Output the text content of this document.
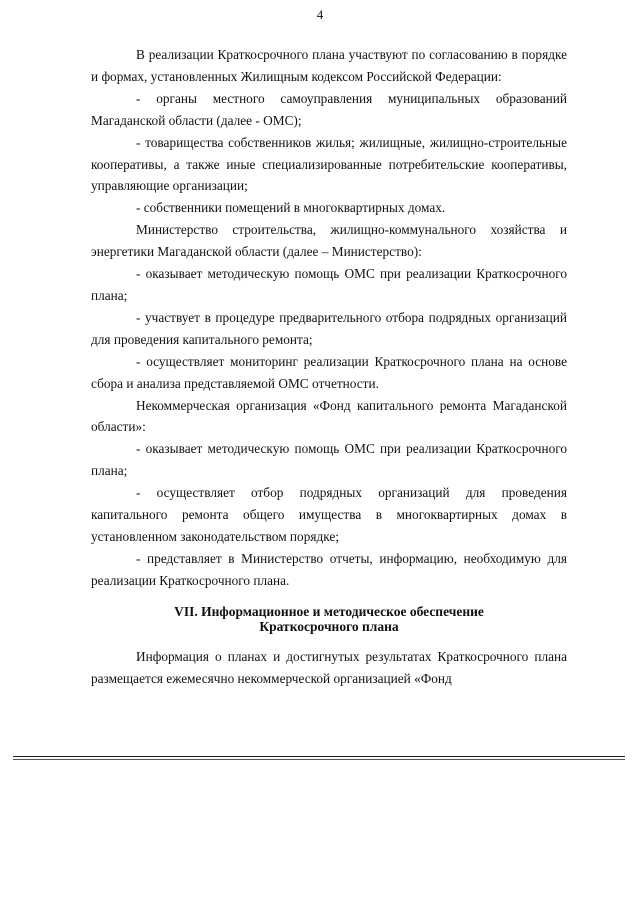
4

В реализации Краткосрочного плана участвуют по согласованию в порядке и формах, установленных Жилищным кодексом Российской Федерации:

- органы местного самоуправления муниципальных образований Магаданской области (далее - ОМС);

- товарищества собственников жилья; жилищные, жилищно-строительные кооперативы, а также иные специализированные потребительские кооперативы, управляющие организации;

- собственники помещений в многоквартирных домах.

Министерство строительства, жилищно-коммунального хозяйства и энергетики Магаданской области (далее – Министерство):

- оказывает методическую помощь ОМС при реализации Краткосрочного плана;

- участвует в процедуре предварительного отбора подрядных организаций для проведения капитального ремонта;

- осуществляет мониторинг реализации Краткосрочного плана на основе сбора и анализа представляемой ОМС отчетности.

Некоммерческая организация «Фонд капитального ремонта Магаданской области»:

- оказывает методическую помощь ОМС при реализации Краткосрочного плана;

- осуществляет отбор подрядных организаций для проведения капитального ремонта общего имущества в многоквартирных домах в установленном законодательством порядке;

- представляет в Министерство отчеты, информацию, необходимую для реализации Краткосрочного плана.

VII. Информационное и методическое обеспечение
Краткосрочного плана

Информация о планах и достигнутых результатах Краткосрочного плана размещается ежемесячно некоммерческой организацией «Фонд
